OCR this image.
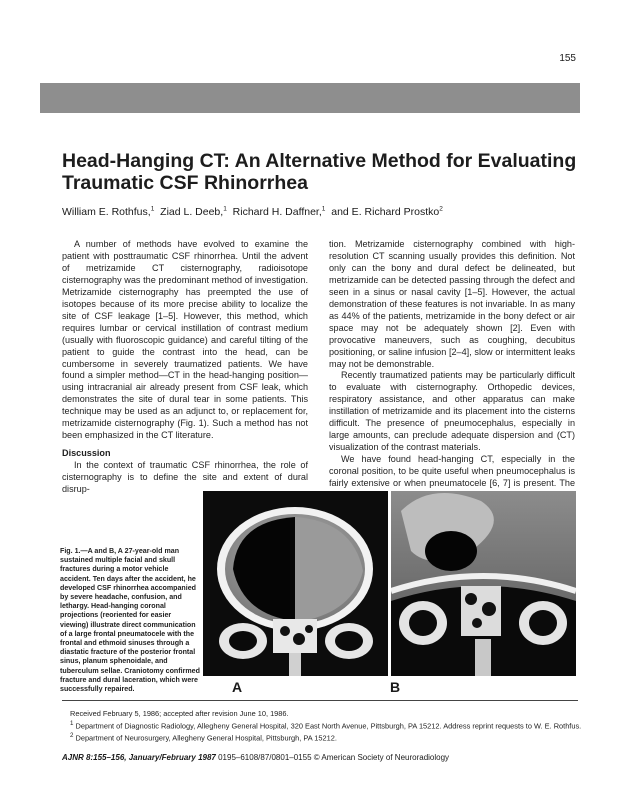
155
Head-Hanging CT: An Alternative Method for Evaluating
Traumatic CSF Rhinorrhea
William E. Rothfus,$^1$ Ziad L. Deeb,$^1$ Richard H. Daffner,$^1$ and E. Richard Prostko$^2$

A number of methods have evolved to examine the patient with posttraumatic CSF rhinorrhea. Until the advent of metrizamide CT cisternography, radioisotope cisternography was the predominant method of investigation. Metrizamide cisternography has preempted the use of isotopes because of its more precise ability to localize the site of CSF leakage [1–5]. However, this method, which requires lumbar or cervical instillation of contrast medium (usually with fluoroscopic guidance) and careful tilting of the patient to guide the contrast into the head, can be cumbersome in severely traumatized patients. We have found a simpler method—CT in the head-hanging position—using intracranial air already present from CSF leak, which demonstrates the site of dural tear in some patients. This technique may be used as an adjunct to, or replacement for, metrizamide cisternography (Fig. 1). Such a method has not been emphasized in the CT literature.

Discussion

In the context of traumatic CSF rhinorrhea, the role of cisternography is to define the site and extent of dural disrup-

tion. Metrizamide cisternography combined with high-resolution CT scanning usually provides this definition. Not only can the bony and dural defect be delineated, but metrizamide can be detected passing through the defect and seen in a sinus or nasal cavity [1–5]. However, the actual demonstration of these features is not invariable. In as many as 44% of the patients, metrizamide in the bony defect or air space may not be adequately shown [2]. Even with provocative maneuvers, such as coughing, decubitus positioning, or saline infusion [2–4], slow or intermittent leaks may not be demonstrable.

Recently traumatized patients may be particularly difficult to evaluate with cisternography. Orthopedic devices, respiratory assistance, and other apparatus can make instillation of metrizamide and its placement into the cisterns difficult. The presence of pneumocephalus, especially in large amounts, can preclude adequate dispersion and (CT) visualization of the contrast materials.

We have found head-hanging CT, especially in the coronal position, to be quite useful when pneumocephalus is fairly extensive or when pneumatocele [6, 7] is present. The

Fig. 1.—A and B, A 27-year-old man sustained multiple facial and skull fractures during a motor vehicle accident. Ten days after the accident, he developed CSF rhinorrhea accompanied by severe headache, confusion, and lethargy. Head-hanging coronal projections (reoriented for easier viewing) illustrate direct communication of a large frontal pneumatocele with the frontal and ethmoid sinuses through a diastatic fracture of the posterior frontal sinus, planum sphenoidale, and tuberculum sellae. Craniotomy confirmed fracture and dural laceration, which were successfully repaired.	A	B
Received February 5, 1986; accepted after revision June 10, 1986.
$^1$ Department of Diagnostic Radiology, Allegheny General Hospital, 320 East North Avenue, Pittsburgh, PA 15212. Address reprint requests to W. E. Rothfus.
$^2$ Department of Neurosurgery, Allegheny General Hospital, Pittsburgh, PA 15212.
AJNR 8:155–156, January/February 1987 0195–6108/87/0801–0155 © American Society of Neuroradiology
